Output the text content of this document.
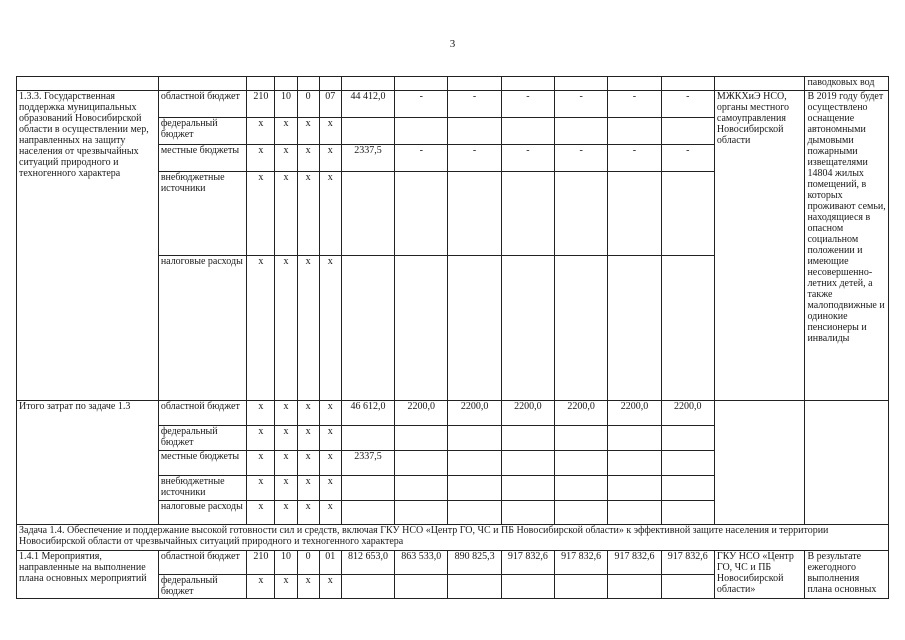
3
														паводковых вод
1.3.3. Государственная поддержка муниципальных образований Новосибирской области в осуществлении мер, направленных на защиту населения от чрезвычайных ситуаций природного и техногенного характера	областной бюджет	210	10	0	07	44 412,0	-	-	-	-	-	-	МЖКХиЭ НСО, органы местного самоуправления Новосибирской области	В 2019 году будет осуществлено оснащение автономными дымовыми пожарными извещателями 14804 жилых помещений, в которых проживают семьи, находящиеся в опасном социальном положении и имеющие несовершенно-летних детей, а также малоподвижные и одинокие пенсионеры и инвалиды
	федеральный бюджет	x	x	x	x									
	местные бюджеты	x	x	x	x	2337,5	-	-	-	-	-	-		
	внебюджетные источники	x	x	x	x									
	налоговые расходы	x	x	x	x									
Итого затрат по задаче 1.3	областной бюджет	x	x	x	x	46 612,0	2200,0	2200,0	2200,0	2200,0	2200,0	2200,0		
	федеральный бюджет	x	x	x	x									
	местные бюджеты	x	x	x	x	2337,5								
	внебюджетные источники	x	x	x	x									
	налоговые расходы	x	x	x	x									
Задача 1.4. Обеспечение и поддержание высокой готовности сил и средств, включая ГКУ НСО «Центр ГО, ЧС и ПБ Новосибирской области» к эффективной защите населения и территории Новосибирской области от чрезвычайных ситуаций природного и техногенного характера														
1.4.1 Мероприятия, направленные на выполнение плана основных мероприятий	областной бюджет	210	10	0	01	812 653,0	863 533,0	890 825,3	917 832,6	917 832,6	917 832,6	917 832,6	ГКУ НСО «Центр ГО, ЧС и ПБ Новосибирской области»	В результате ежегодного выполнения плана основных
	федеральный бюджет	x	x	x	x									
